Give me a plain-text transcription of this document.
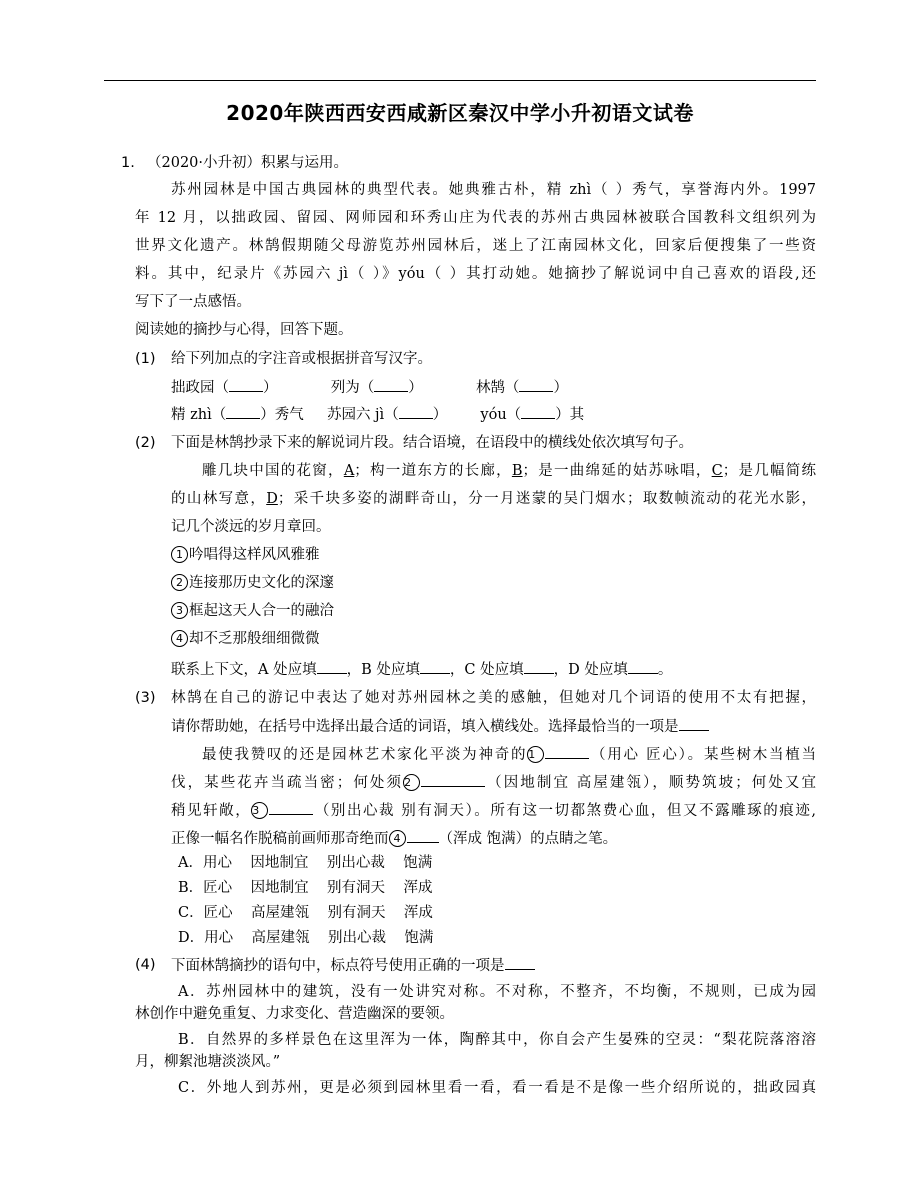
2020年陕西西安西咸新区秦汉中学小升初语文试卷
1. （2020·小升初）积累与运用。
苏州园林是中国古典园林的典型代表。她典雅古朴，精 zhì（ ）秀气，享誉海内外。1997
年 12 月，以拙政园、留园、网师园和环秀山庄为代表的苏州古典园林被联合国教科文组织列为
世界文化遗产。林鹄假期随父母游览苏州园林后，迷上了江南园林文化，回家后便搜集了一些资
料。其中，纪录片《苏园六 jì（ ）》yóu（ ）其打动她。她摘抄了解说词中自己喜欢的语段,还
写下了一点感悟。
阅读她的摘抄与心得，回答下题。
(1) 给下列加点的字注音或根据拼音写汉字。
拙政园（ ）	列为（ ）	林鹄（ ）
精 zhì（ ）秀气 苏园六 jì（ ） yóu（ ）其
(2) 下面是林鹄抄录下来的解说词片段。结合语境，在语段中的横线处依次填写句子。
雕几块中国的花窗，A；构一道东方的长廊，B；是一曲绵延的姑苏咏唱，C；是几幅简练
的山林写意，D；采千块多姿的湖畔奇山，分一月迷蒙的吴门烟水；取数帧流动的花光水影，
记几个淡远的岁月章回。
1 吟唱得这样风风雅雅
2 连接那历史文化的深邃
3 框起这天人合一的融洽
4 却不乏那般细细微微
联系上下文，A 处应填 ，B 处应填 ，C 处应填 ，D 处应填 。
(3) 林鹄在自己的游记中表达了她对苏州园林之美的感触，但她对几个词语的使用不太有把握，
请你帮助她，在括号中选择出最合适的词语，填入横线处。选择最恰当的一项是
最使我赞叹的还是园林艺术家化平淡为神奇的1	（用心 匠心）。某些树木当植当
伐，某些花卉当疏当密；何处须2	（因地制宜 高屋建瓴），顺势筑坡；何处又宜
稍见轩敞，3	（别出心裁 别有洞天）。所有这一切都煞费心血，但又不露雕琢的痕迹,
正像一幅名作脱稿前画师那奇绝而 4	（浑成 饱满）的点睛之笔。
A．用心    因地制宜    别出心裁    饱满
B．匠心    因地制宜    别有洞天    浑成
C．匠心    高屋建瓴    别有洞天    浑成
D．用心    高屋建瓴    别出心裁    饱满
(4) 下面林鹄摘抄的语句中，标点符号使用正确的一项是
A．苏州园林中的建筑，没有一处讲究对称。不对称，不整齐，不均衡，不规则，已成为园
林创作中避免重复、力求变化、营造幽深的要领。
B．自然界的多样景色在这里浑为一体，陶醉其中，你自会产生晏殊的空灵：“梨花院落溶溶
月，柳絮池塘淡淡风。”
C．外地人到苏州，更是必须到园林里看一看，看一看是不是像一些介绍所说的，拙政园真
